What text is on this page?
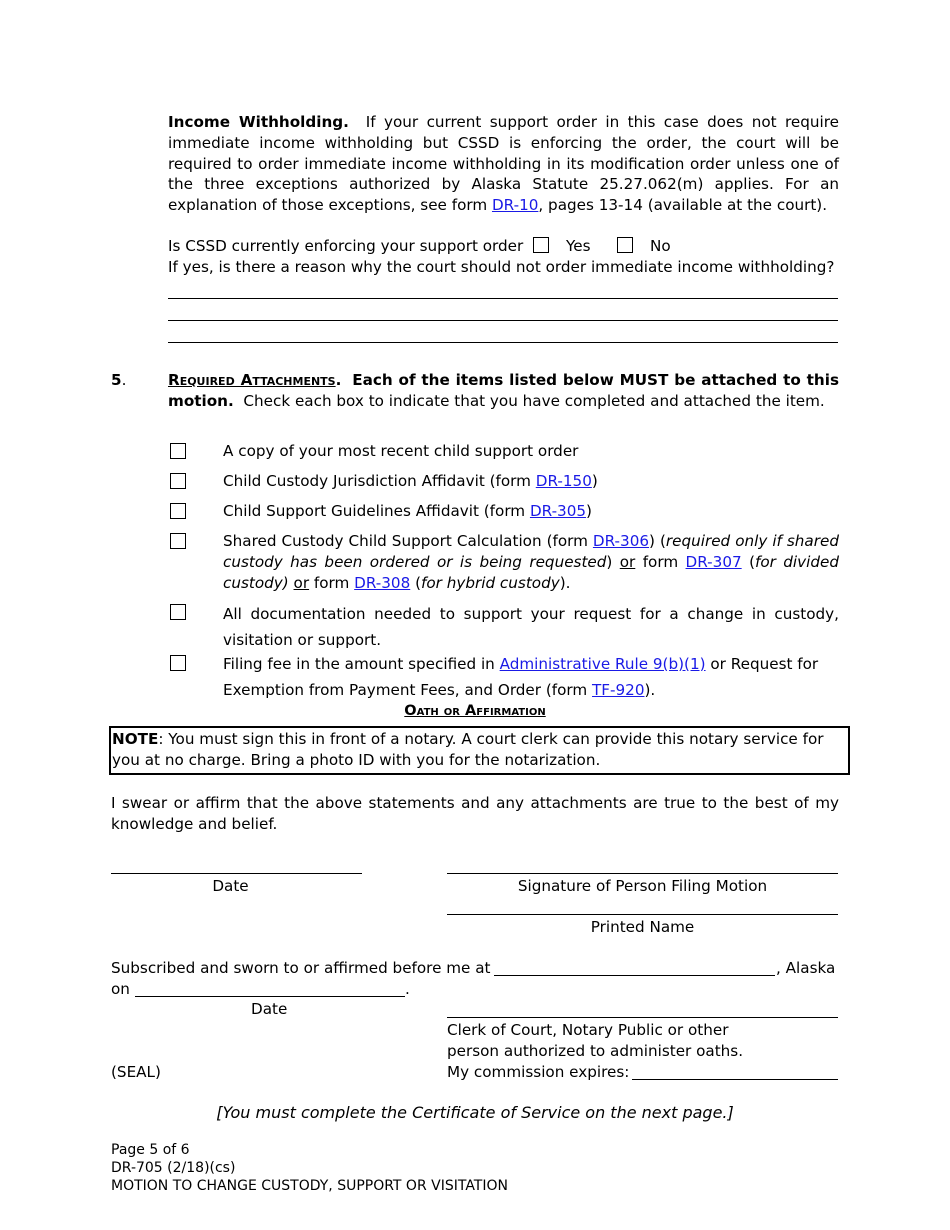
Income Withholding. If your current support order in this case does not require immediate income withholding but CSSD is enforcing the order, the court will be required to order immediate income withholding in its modification order unless one of the three exceptions authorized by Alaska Statute 25.27.062(m) applies. For an explanation of those exceptions, see form DR-10, pages 13-14 (available at the court).
Is CSSD currently enforcing your support order	Yes	No
If yes, is there a reason why the court should not order immediate income withholding?
5.	Required Attachments. Each of the items listed below MUST be attached to this motion. Check each box to indicate that you have completed and attached the item.
A copy of your most recent child support order
Child Custody Jurisdiction Affidavit (form DR-150)
Child Support Guidelines Affidavit (form DR-305)
Shared Custody Child Support Calculation (form DR-306) (required only if shared custody has been ordered or is being requested) or form DR-307 (for divided custody) or form DR-308 (for hybrid custody).
All documentation needed to support your request for a change in custody, visitation or support.
Filing fee in the amount specified in Administrative Rule 9(b)(1) or Request for Exemption from Payment Fees, and Order (form TF-920).
Oath or Affirmation
NOTE: You must sign this in front of a notary. A court clerk can provide this notary service for you at no charge. Bring a photo ID with you for the notarization.
I swear or affirm that the above statements and any attachments are true to the best of my knowledge and belief.
Date	Signature of Person Filing Motion
Printed Name
Subscribed and sworn to or affirmed before me at	, Alaska
on	.
Date
Clerk of Court, Notary Public or other
person authorized to administer oaths.
My commission expires:
(SEAL)
[You must complete the Certificate of Service on the next page.]
Page 5 of 6
DR-705 (2/18)(cs)
MOTION TO CHANGE CUSTODY, SUPPORT OR VISITATION
